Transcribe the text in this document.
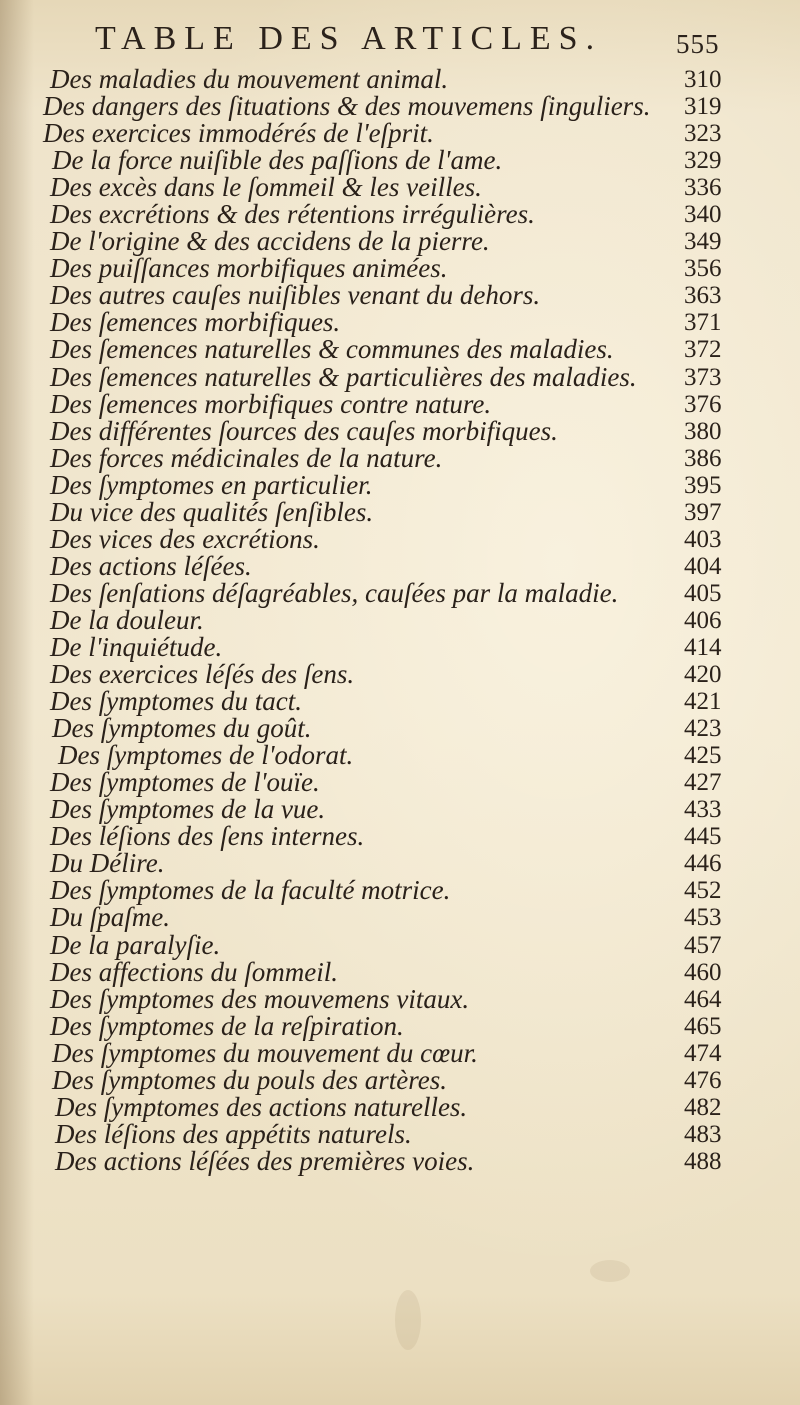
TABLE DES ARTICLES.	555
Des maladies du mouvement animal.	310
Des dangers des ſituations & des mouvemens ſinguliers. 319
Des exercices immodérés de l'eſprit.	323
De la force nuiſible des paſſions de l'ame.	329
Des excès dans le ſommeil & les veilles.	336
Des excrétions & des rétentions irrégulières.	340
De l'origine & des accidens de la pierre.	349
Des puiſſances morbifiques animées.	356
Des autres cauſes nuiſibles venant du dehors.	363
Des ſemences morbifiques.	371
Des ſemences naturelles & communes des maladies.	372
Des ſemences naturelles & particulières des maladies. 373
Des ſemences morbifiques contre nature.	376
Des différentes ſources des cauſes morbifiques.	380
Des forces médicinales de la nature.	386
Des ſymptomes en particulier.	395
Du vice des qualités ſenſibles.	397
Des vices des excrétions.	403
Des actions léſées.	404
Des ſenſations déſagréables, cauſées par la maladie.	405
De la douleur.	406
De l'inquiétude.	414
Des exercices léſés des ſens.	420
Des ſymptomes du tact.	421
Des ſymptomes du goût.	423
Des ſymptomes de l'odorat.	425
Des ſymptomes de l'ouïe.	427
Des ſymptomes de la vue.	433
Des léſions des ſens internes.	445
Du Délire.	446
Des ſymptomes de la faculté motrice.	452
Du ſpaſme.	453
De la paralyſie.	457
Des affections du ſommeil.	460
Des ſymptomes des mouvemens vitaux.	464
Des ſymptomes de la reſpiration.	465
Des ſymptomes du mouvement du cœur.	474
Des ſymptomes du pouls des artères.	476
Des ſymptomes des actions naturelles.	482
Des léſions des appétits naturels.	483
Des actions léſées des premières voies.	488
